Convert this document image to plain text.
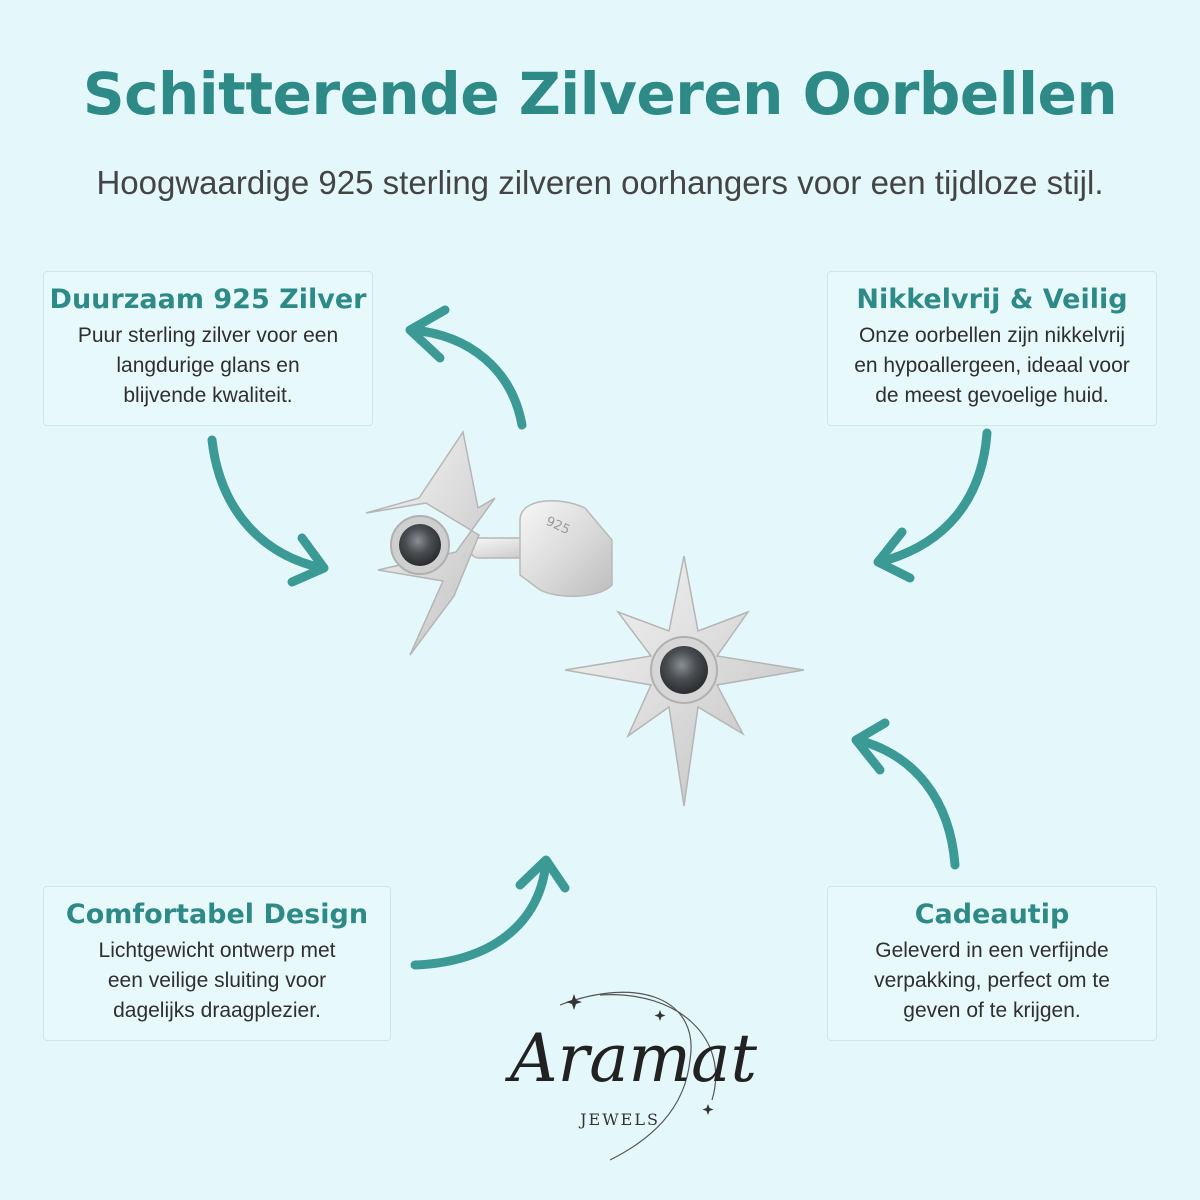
Schitterende Zilveren Oorbellen

Hoogwaardige 925 sterling zilveren oorhangers voor een tijdloze stijl.

Duurzaam 925 Zilver

Puur sterling zilver voor een
langdurige glans en
blijvende kwaliteit.

Nikkelvrij & Veilig

Onze oorbellen zijn nikkelvrij
en hypoallergeen, ideaal voor
de meest gevoelige huid.

Comfortabel Design

Lichtgewicht ontwerp met
een veilige sluiting voor
dagelijks draagplezier.

Cadeautip

Geleverd in een verfijnde
verpakking, perfect om te
geven of te krijgen.

925
Aramat
JEWELS
